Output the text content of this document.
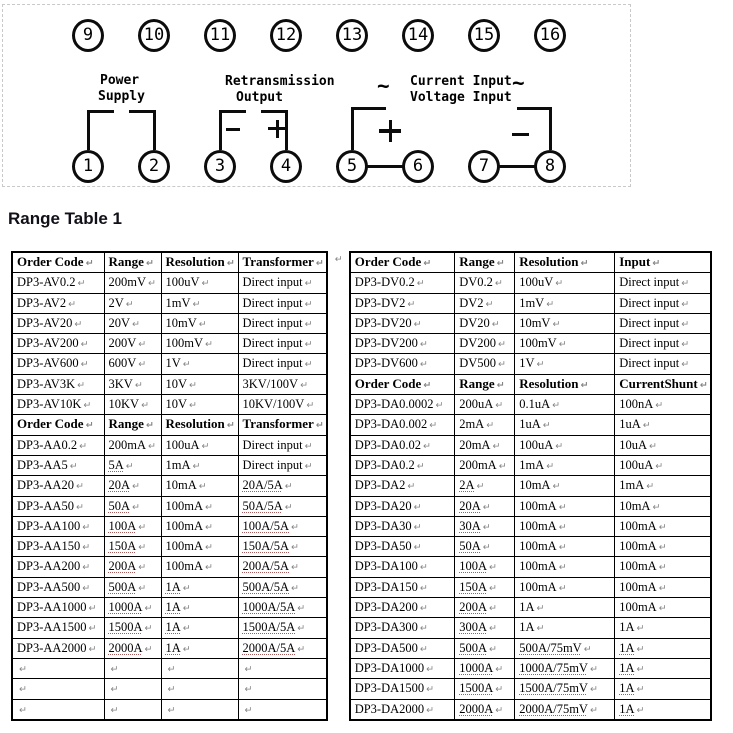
Power
Supply
Retransmission
Output	~ Current Input ~
Voltage Input
9	10	11	12	13	14	15	16
1	2	3	4	5	6	7	8
Range Table 1
Order Code ↵	Range ↵	Resolution ↵	Transformer ↵
DP3-AV0.2 ↵	200mV ↵	100uV ↵	Direct input ↵
DP3-AV2 ↵	2V ↵	1mV ↵	Direct input ↵
DP3-AV20 ↵	20V ↵	10mV ↵	Direct input ↵
DP3-AV200 ↵	200V ↵	100mV ↵	Direct input ↵
DP3-AV600 ↵	600V ↵	1V ↵	Direct input ↵
DP3-AV3K ↵	3KV ↵	10V ↵	3KV/100V ↵
DP3-AV10K ↵	10KV ↵	10V ↵	10KV/100V ↵
Order Code ↵	Range ↵	Resolution ↵	Transformer ↵
DP3-AA0.2 ↵	200mA ↵	100uA ↵	Direct input ↵
DP3-AA5 ↵	5A ↵	1mA ↵	Direct input ↵
DP3-AA20 ↵	20A ↵	10mA ↵	20A/5A ↵
DP3-AA50 ↵	50A ↵	100mA ↵	50A/5A ↵
DP3-AA100 ↵	100A ↵	100mA ↵	100A/5A ↵
DP3-AA150 ↵	150A ↵	100mA ↵	150A/5A ↵
DP3-AA200 ↵	200A ↵	100mA ↵	200A/5A ↵
DP3-AA500 ↵	500A ↵	1A ↵	500A/5A ↵
DP3-AA1000 ↵	1000A ↵	1A ↵	1000A/5A ↵
DP3-AA1500 ↵	1500A ↵	1A ↵	1500A/5A ↵
DP3-AA2000 ↵	2000A ↵	1A ↵	2000A/5A ↵
↵	↵	↵	↵
↵	↵	↵	↵
↵	↵	↵	↵
↵ Order Code ↵	Range ↵	Resolution ↵	Input ↵
DP3-DV0.2 ↵	DV0.2 ↵	100uV ↵	Direct input ↵
DP3-DV2 ↵	DV2 ↵	1mV ↵	Direct input ↵
DP3-DV20 ↵	DV20 ↵	10mV ↵	Direct input ↵
DP3-DV200 ↵	DV200 ↵	100mV ↵	Direct input ↵
DP3-DV600 ↵	DV500 ↵	1V ↵	Direct input ↵
Order Code ↵	Range ↵	Resolution ↵	CurrentShunt ↵
DP3-DA0.0002 ↵	200uA ↵	0.1uA ↵	100nA ↵
DP3-DA0.002 ↵	2mA ↵	1uA ↵	1uA ↵
DP3-DA0.02 ↵	20mA ↵	100uA ↵	10uA ↵
DP3-DA0.2 ↵	200mA ↵	1mA ↵	100uA ↵
DP3-DA2 ↵	2A ↵	10mA ↵	1mA ↵
DP3-DA20 ↵	20A ↵	100mA ↵	10mA ↵
DP3-DA30 ↵	30A ↵	100mA ↵	100mA ↵
DP3-DA50 ↵	50A ↵	100mA ↵	100mA ↵
DP3-DA100 ↵	100A ↵	100mA ↵	100mA ↵
DP3-DA150 ↵	150A ↵	100mA ↵	100mA ↵
DP3-DA200 ↵	200A ↵	1A ↵	100mA ↵
DP3-DA300 ↵	300A ↵	1A ↵	1A ↵
DP3-DA500 ↵	500A ↵	500A/75mV ↵	1A ↵
DP3-DA1000 ↵	1000A ↵	1000A/75mV ↵	1A ↵
DP3-DA1500 ↵	1500A ↵	1500A/75mV ↵	1A ↵
DP3-DA2000 ↵	2000A ↵	2000A/75mV ↵	1A ↵
